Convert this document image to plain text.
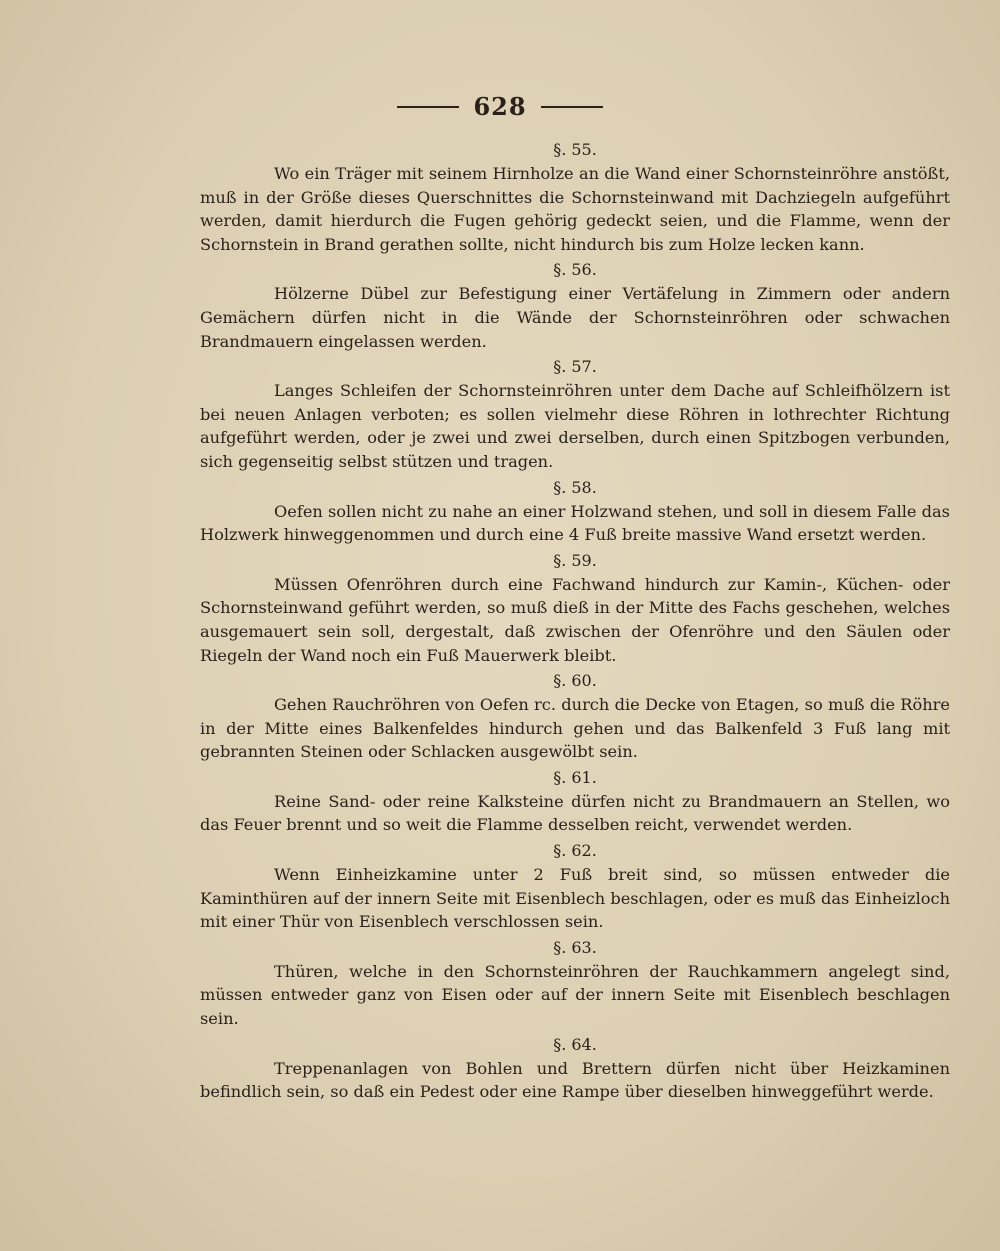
628
§. 55.

Wo ein Träger mit seinem Hirnholze an die Wand einer Schornsteinröhre anstößt, muß in der Größe dieses Querschnittes die Schornsteinwand mit Dachziegeln aufgeführt werden, damit hierdurch die Fugen gehörig gedeckt seien, und die Flamme, wenn der Schornstein in Brand gerathen sollte, nicht hindurch bis zum Holze lecken kann.

§. 56.

Hölzerne Dübel zur Befestigung einer Vertäfelung in Zimmern oder andern Gemächern dürfen nicht in die Wände der Schornsteinröhren oder schwachen Brandmauern eingelassen werden.

§. 57.

Langes Schleifen der Schornsteinröhren unter dem Dache auf Schleifhölzern ist bei neuen Anlagen verboten; es sollen vielmehr diese Röhren in lothrechter Richtung aufgeführt werden, oder je zwei und zwei derselben, durch einen Spitzbogen verbunden, sich gegenseitig selbst stützen und tragen.

§. 58.

Oefen sollen nicht zu nahe an einer Holzwand stehen, und soll in diesem Falle das Holzwerk hinweggenommen und durch eine 4 Fuß breite massive Wand ersetzt werden.

§. 59.

Müssen Ofenröhren durch eine Fachwand hindurch zur Kamin-, Küchen- oder Schornsteinwand geführt werden, so muß dieß in der Mitte des Fachs geschehen, welches ausgemauert sein soll, dergestalt, daß zwischen der Ofenröhre und den Säulen oder Riegeln der Wand noch ein Fuß Mauerwerk bleibt.

§. 60.

Gehen Rauchröhren von Oefen rc. durch die Decke von Etagen, so muß die Röhre in der Mitte eines Balkenfeldes hindurch gehen und das Balkenfeld 3 Fuß lang mit gebrannten Steinen oder Schlacken ausgewölbt sein.

§. 61.

Reine Sand- oder reine Kalksteine dürfen nicht zu Brandmauern an Stellen, wo das Feuer brennt und so weit die Flamme desselben reicht, verwendet werden.

§. 62.

Wenn Einheizkamine unter 2 Fuß breit sind, so müssen entweder die Kaminthüren auf der innern Seite mit Eisenblech beschlagen, oder es muß das Einheizloch mit einer Thür von Eisenblech verschlossen sein.

§. 63.

Thüren, welche in den Schornsteinröhren der Rauchkammern angelegt sind, müssen entweder ganz von Eisen oder auf der innern Seite mit Eisenblech beschlagen sein.

§. 64.

Treppenanlagen von Bohlen und Brettern dürfen nicht über Heizkaminen befindlich sein, so daß ein Pedest oder eine Rampe über dieselben hinweggeführt werde.
